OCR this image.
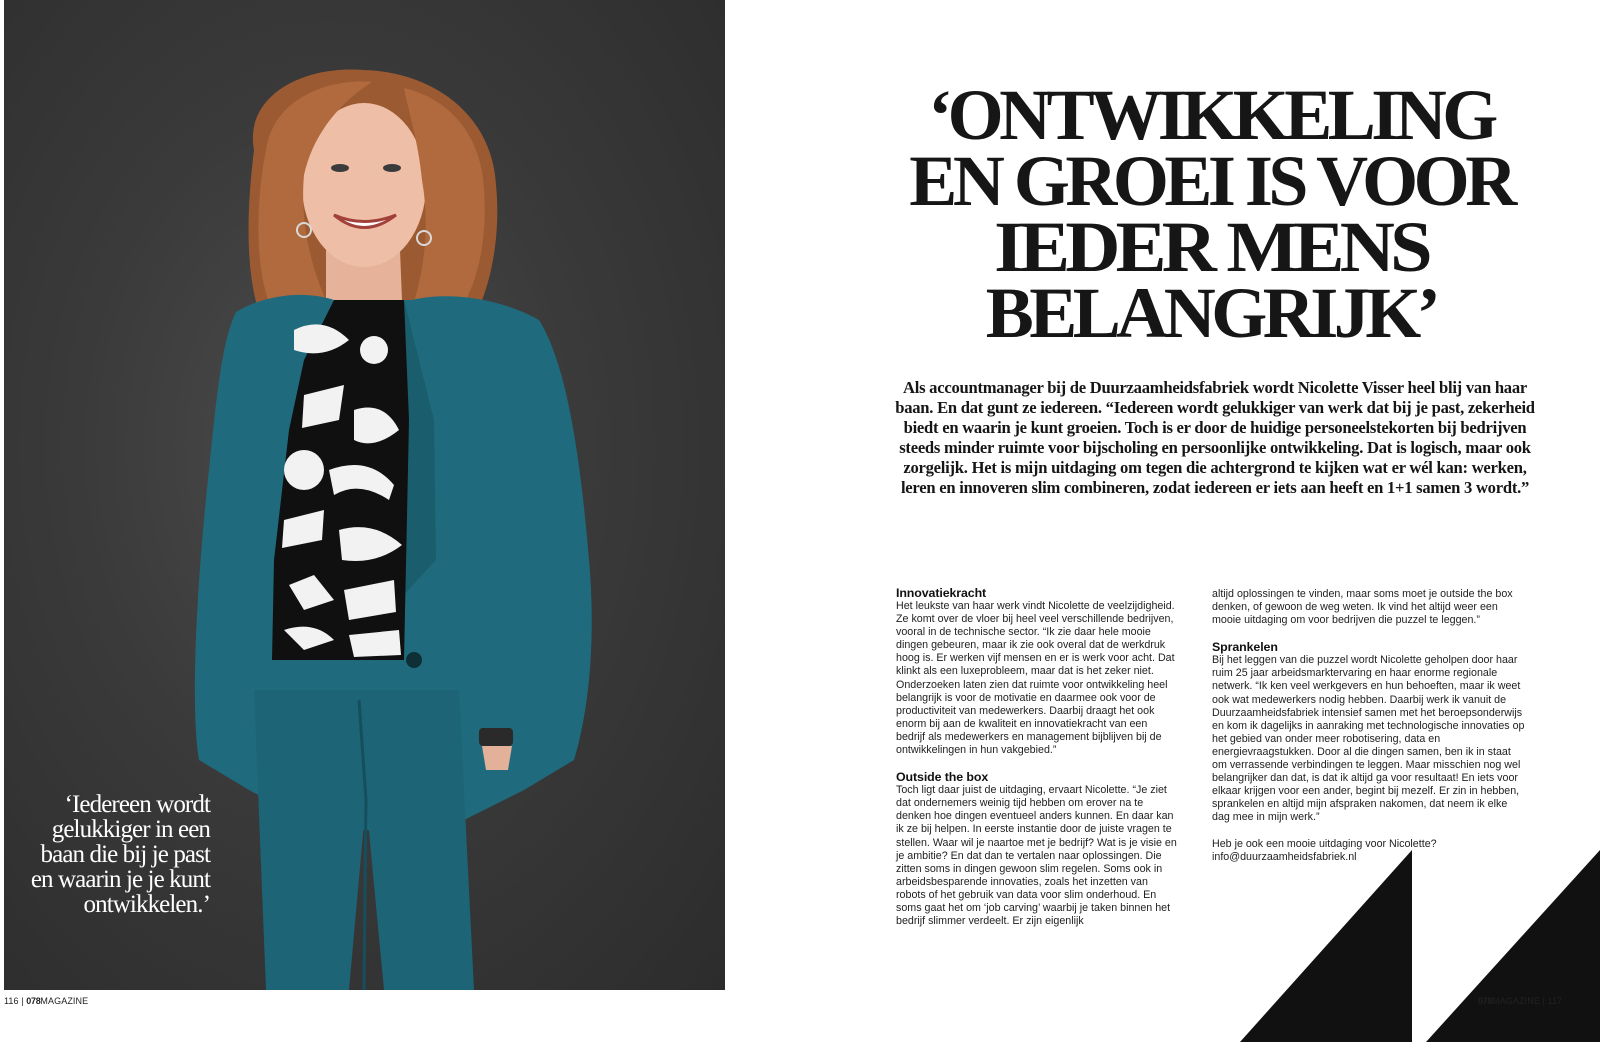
‘Iedereen wordt gelukkiger in een baan die bij je past en waarin je je kunt ontwikkelen.’
116 | 078MAGAZINE
‘ONTWIKKELING
EN GROEI IS VOOR
IEDER MENS
BELANGRIJK’

Als accountmanager bij de Duurzaamheidsfabriek wordt Nicolette Visser heel blij van haar baan. En dat gunt ze iedereen. “Iedereen wordt gelukkiger van werk dat bij je past, zekerheid biedt en waarin je kunt groeien. Toch is er door de huidige personeelstekorten bij bedrijven steeds minder ruimte voor bijscholing en persoonlijke ontwikkeling. Dat is logisch, maar ook zorgelijk. Het is mijn uitdaging om tegen die achtergrond te kijken wat er wél kan: werken, leren en innoveren slim combineren, zodat iedereen er iets aan heeft en 1+1 samen 3 wordt.”

Innovatiekracht

Het leukste van haar werk vindt Nicolette de veelzijdigheid. Ze komt over de vloer bij heel veel verschillende bedrijven, vooral in de technische sector. “Ik zie daar hele mooie dingen gebeuren, maar ik zie ook overal dat de werkdruk hoog is. Er werken vijf mensen en er is werk voor acht. Dat klinkt als een luxeprobleem, maar dat is het zeker niet. Onderzoeken laten zien dat ruimte voor ontwikkeling heel belangrijk is voor de motivatie en daarmee ook voor de productiviteit van medewerkers. Daarbij draagt het ook enorm bij aan de kwaliteit en innovatiekracht van een bedrijf als medewerkers en management bijblijven bij de ontwikkelingen in hun vakgebied.”

Outside the box

Toch ligt daar juist de uitdaging, ervaart Nicolette. “Je ziet dat ondernemers weinig tijd hebben om erover na te denken hoe dingen eventueel anders kunnen. En daar kan ik ze bij helpen. In eerste instantie door de juiste vragen te stellen. Waar wil je naartoe met je bedrijf? Wat is je visie en je ambitie? En dat dan te vertalen naar oplossingen. Die zitten soms in dingen gewoon slim regelen. Soms ook in arbeidsbesparende innovaties, zoals het inzetten van robots of het gebruik van data voor slim onderhoud. En soms gaat het om ‘job carving’ waarbij je taken binnen het bedrijf slimmer verdeelt. Er zijn eigenlijk

altijd oplossingen te vinden, maar soms moet je outside the box denken, of gewoon de weg weten. Ik vind het altijd weer een mooie uitdaging om voor bedrijven die puzzel te leggen.”

Sprankelen

Bij het leggen van die puzzel wordt Nicolette geholpen door haar ruim 25 jaar arbeidsmarktervaring en haar enorme regionale netwerk. “Ik ken veel werkgevers en hun behoeften, maar ik weet ook wat medewerkers nodig hebben. Daarbij werk ik vanuit de Duurzaamheidsfabriek intensief samen met het beroepsonderwijs en kom ik dagelijks in aanraking met technologische innovaties op het gebied van onder meer robotisering, data en energievraagstukken. Door al die dingen samen, ben ik in staat om verrassende verbindingen te leggen. Maar misschien nog wel belangrijker dan dat, is dat ik altijd ga voor resultaat! En iets voor elkaar krijgen voor een ander, begint bij mezelf. Er zin in hebben, sprankelen en altijd mijn afspraken nakomen, dat neem ik elke dag mee in mijn werk.”

Heb je ook een mooie uitdaging voor Nicolette?
info@duurzaamheidsfabriek.nl

078MAGAZINE | 117
